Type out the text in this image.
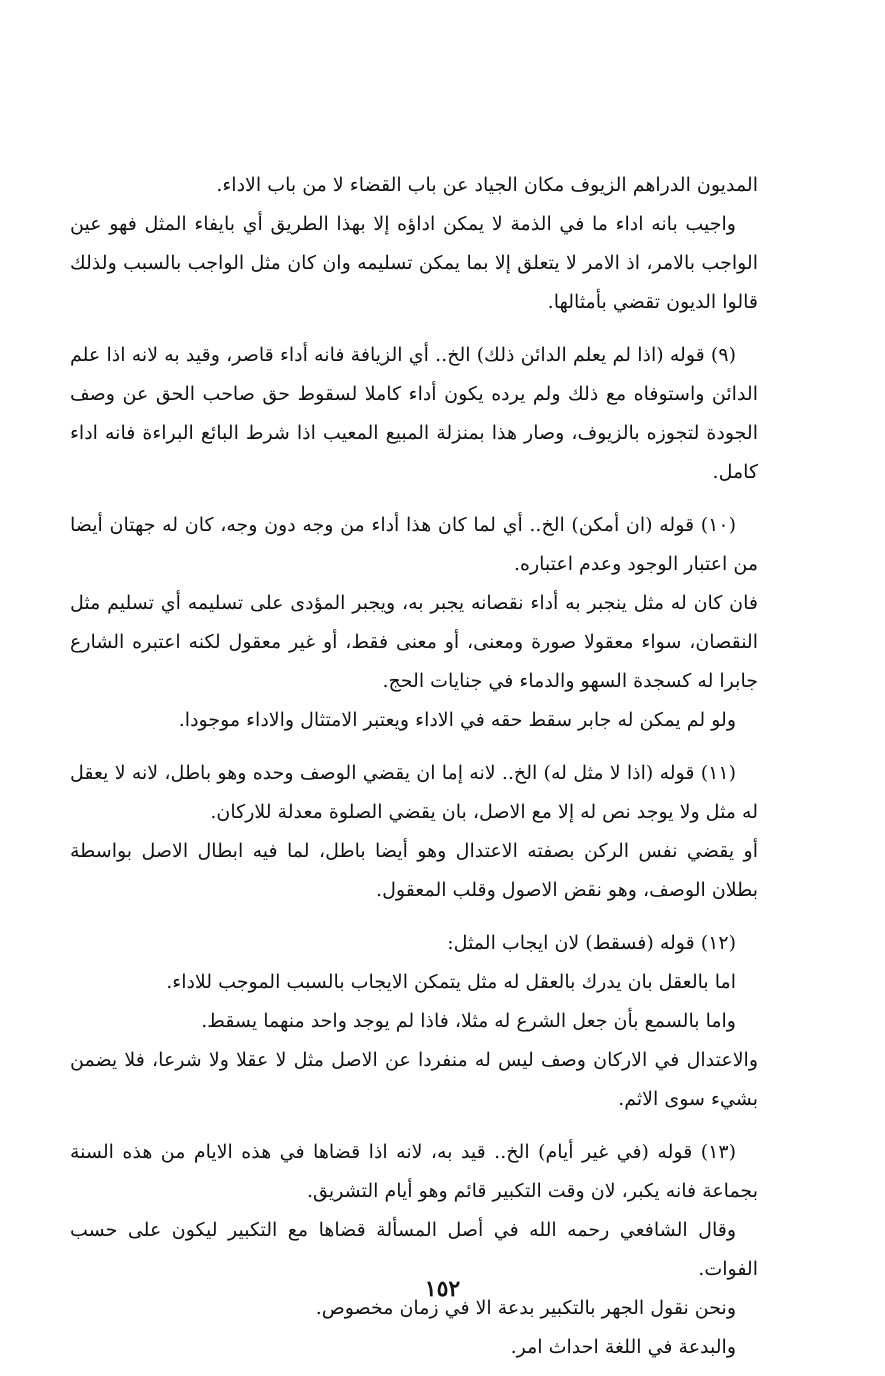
المديون الدراهم الزيوف مكان الجياد عن باب القضاء لا من باب الاداء.

واجيب بانه اداء ما في الذمة لا يمكن اداؤه إلا بهذا الطريق أي بايفاء المثل فهو عين الواجب بالامر، اذ الامر لا يتعلق إلا بما يمكن تسليمه وان كان مثل الواجب بالسبب ولذلك قالوا الديون تقضي بأمثالها.

(٩) قوله (اذا لم يعلم الدائن ذلك) الخ.. أي الزيافة فانه أداء قاصر، وقيد به لانه اذا علم الدائن واستوفاه مع ذلك ولم يرده يكون أداء كاملا لسقوط حق صاحب الحق عن وصف الجودة لتجوزه بالزيوف، وصار هذا بمنزلة المبيع المعيب اذا شرط البائع البراءة فانه اداء كامل.

(١٠) قوله (ان أمكن) الخ.. أي لما كان هذا أداء من وجه دون وجه، كان له جهتان أيضا من اعتبار الوجود وعدم اعتباره.

فان كان له مثل ينجبر به أداء نقصانه يجبر به، ويجبر المؤدى على تسليمه أي تسليم مثل النقصان، سواء معقولا صورة ومعنى، أو معنى فقط، أو غير معقول لكنه اعتبره الشارع جابرا له كسجدة السهو والدماء في جنايات الحج.

ولو لم يمكن له جابر سقط حقه في الاداء ويعتبر الامتثال والاداء موجودا.

(١١) قوله (اذا لا مثل له) الخ.. لانه إما ان يقضي الوصف وحده وهو باطل، لانه لا يعقل له مثل ولا يوجد نص له إلا مع الاصل، بان يقضي الصلوة معدلة للاركان.

أو يقضي نفس الركن بصفته الاعتدال وهو أيضا باطل، لما فيه ابطال الاصل بواسطة بطلان الوصف، وهو نقض الاصول وقلب المعقول.

(١٢) قوله (فسقط) لان ايجاب المثل:

اما بالعقل بان يدرك بالعقل له مثل يتمكن الايجاب بالسبب الموجب للاداء.

واما بالسمع بأن جعل الشرع له مثلا، فاذا لم يوجد واحد منهما يسقط.

والاعتدال في الاركان وصف ليس له منفردا عن الاصل مثل لا عقلا ولا شرعا، فلا يضمن بشيء سوى الاثم.

(١٣) قوله (في غير أيام) الخ.. قيد به، لانه اذا قضاها في هذه الايام من هذه السنة بجماعة فانه يكبر، لان وقت التكبير قائم وهو أيام التشريق.

وقال الشافعي رحمه الله في أصل المسألة قضاها مع التكبير ليكون على حسب الفوات.

ونحن نقول الجهر بالتكبير بدعة الا في زمان مخصوص.

والبدعة في اللغة احداث امر.

١٥٢
